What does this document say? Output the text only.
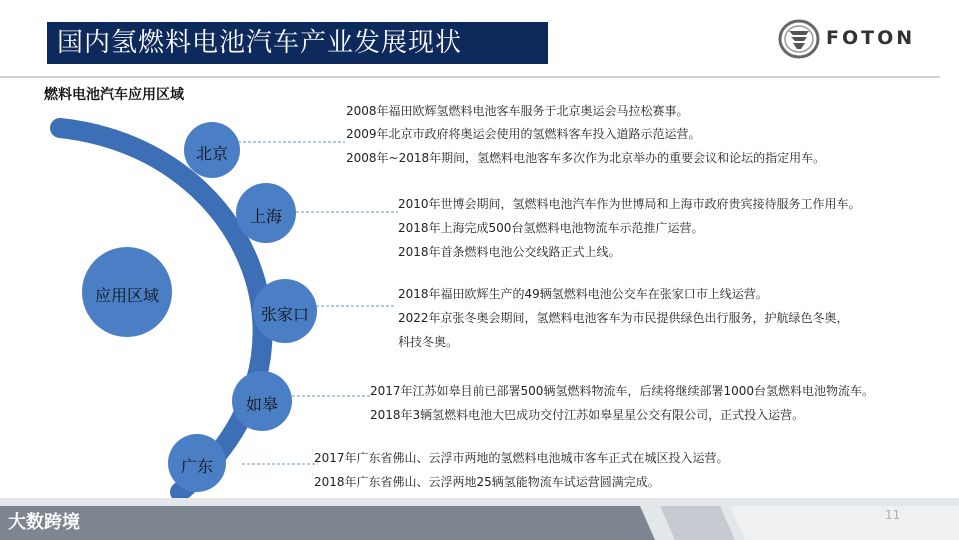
国内氢燃料电池汽车产业发展现状	FOTON
燃料电池汽车应用区域
应用区域
北京
上海
张家口
如皋
广东
2008年福田欧辉氢燃料电池客车服务于北京奥运会马拉松赛事。
2009年北京市政府将奥运会使用的氢燃料客车投入道路示范运营。
2008年~2018年期间，氢燃料电池客车多次作为北京举办的重要会议和论坛的指定用车。
2010年世博会期间，氢燃料电池汽车作为世博局和上海市政府贵宾接待服务工作用车。
2018年上海完成500台氢燃料电池物流车示范推广运营。
2018年首条燃料电池公交线路正式上线。
2018年福田欧辉生产的49辆氢燃料电池公交车在张家口市上线运营。
2022年京张冬奥会期间，氢燃料电池客车为市民提供绿色出行服务，护航绿色冬奥，
科技冬奥。
2017年江苏如皋目前已部署500辆氢燃料物流车，后续将继续部署1000台氢燃料电池物流车。
2018年3辆氢燃料电池大巴成功交付江苏如皋星星公交有限公司，正式投入运营。
2017年广东省佛山、云浮市两地的氢燃料电池城市客车正式在城区投入运营。
2018年广东省佛山、云浮两地25辆氢能物流车试运营圆满完成。
大数跨境	11
